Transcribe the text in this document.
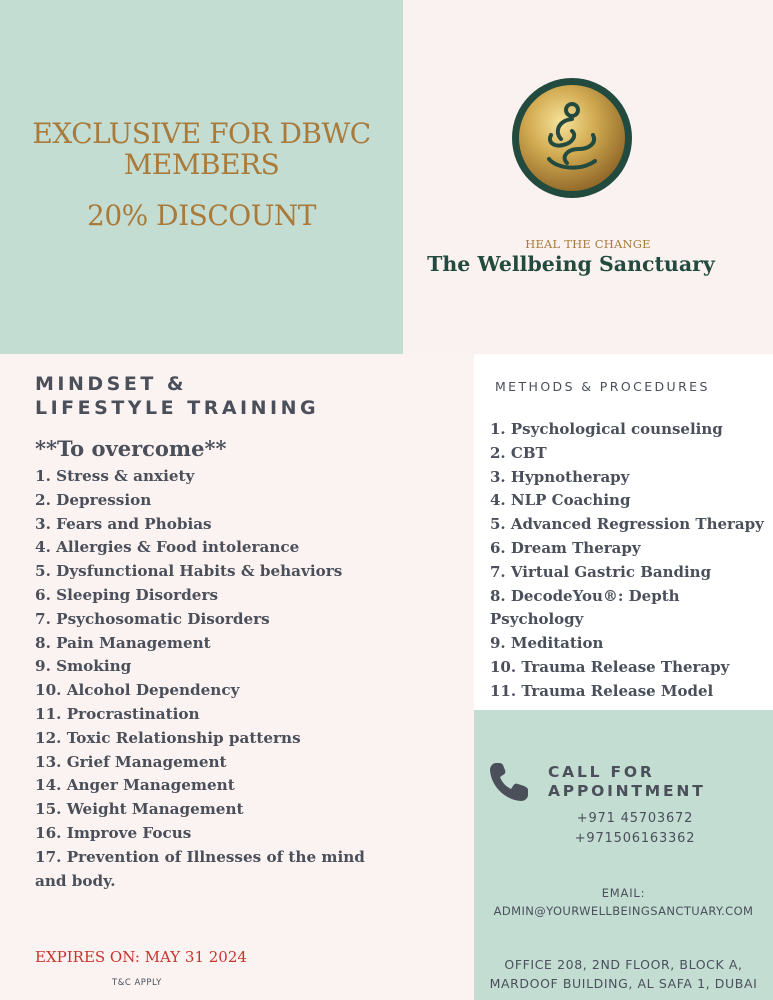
EXCLUSIVE FOR DBWC
MEMBERS
20% DISCOUNT
HEAL THE CHANGE
The Wellbeing Sanctuary
MINDSET &
LIFESTYLE TRAINING
**To overcome**
1. Stress & anxiety
2. Depression
3. Fears and Phobias
4. Allergies & Food intolerance
5. Dysfunctional Habits & behaviors
6. Sleeping Disorders
7. Psychosomatic Disorders
8. Pain Management
9. Smoking
10. Alcohol Dependency
11. Procrastination
12. Toxic Relationship patterns
13. Grief Management
14. Anger Management
15. Weight Management
16. Improve Focus
17. Prevention of Illnesses of the mind and body.
METHODS & PROCEDURES
1. Psychological counseling
2. CBT
3. Hypnotherapy
4. NLP Coaching
5. Advanced Regression Therapy
6. Dream Therapy
7. Virtual Gastric Banding
8. DecodeYou®: Depth Psychology
9. Meditation
10. Trauma Release Therapy
11. Trauma Release Model
CALL FOR
APPOINTMENT
+971 45703672
+971506163362
EMAIL:
ADMIN@YOURWELLBEINGSANCTUARY.COM
OFFICE 208, 2ND FLOOR, BLOCK A,
MARDOOF BUILDING, AL SAFA 1, DUBAI
EXPIRES ON: MAY 31 2024
T&C APPLY
